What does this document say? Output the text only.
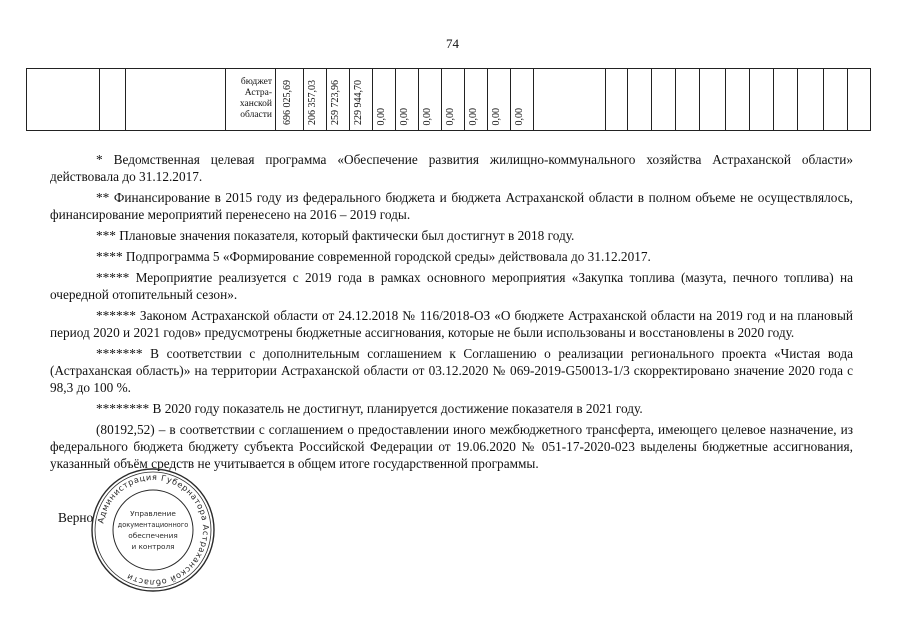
74
бюджет
Астра-
ханской
области 696 025,69 206 357,03 259 723,96 229 944,70 0,00 0,00 0,00 0,00 0,00 0,00 0,00

* Ведомственная целевая программа «Обеспечение развития жилищно-коммунального хозяйства Астраханской области» действовала до 31.12.2017.

** Финансирование в 2015 году из федерального бюджета и бюджета Астраханской области в полном объеме не осуществлялось, финансирование мероприятий перенесено на 2016 – 2019 годы.

*** Плановые значения показателя, который фактически был достигнут в 2018 году.

**** Подпрограмма 5 «Формирование современной городской среды» действовала до 31.12.2017.

***** Мероприятие реализуется с 2019 года в рамках основного мероприятия «Закупка топлива (мазута, печного топлива) на очередной отопительный сезон».

****** Законом Астраханской области от 24.12.2018 № 116/2018-ОЗ «О бюджете Астраханской области на 2019 год и на плановый период 2020 и 2021 годов» предусмотрены бюджетные ассигнования, которые не были использованы и восстановлены в 2020 году.

******* В соответствии с дополнительным соглашением к Соглашению о реализации регионального проекта «Чистая вода (Астраханская область)» на территории Астраханской области от 03.12.2020 № 069-2019-G50013-1/3 скорректировано значение 2020 года с 98,3 до 100 %.

******** В 2020 году показатель не достигнут, планируется достижение показателя в 2021 году.

(80192,52) – в соответствии с соглашением о предоставлении иного межбюджетного трансферта, имеющего целевое назначение, из федерального бюджета бюджету субъекта Российской Федерации от 19.06.2020 № 051-17-2020-023 выделены бюджетные ассигнования, указанный объём средств не учитывается в общем итоге государственной программы.

Верно Администрация Губернатора Астраханской области
Управление
документационного
обеспечения
и контроля
